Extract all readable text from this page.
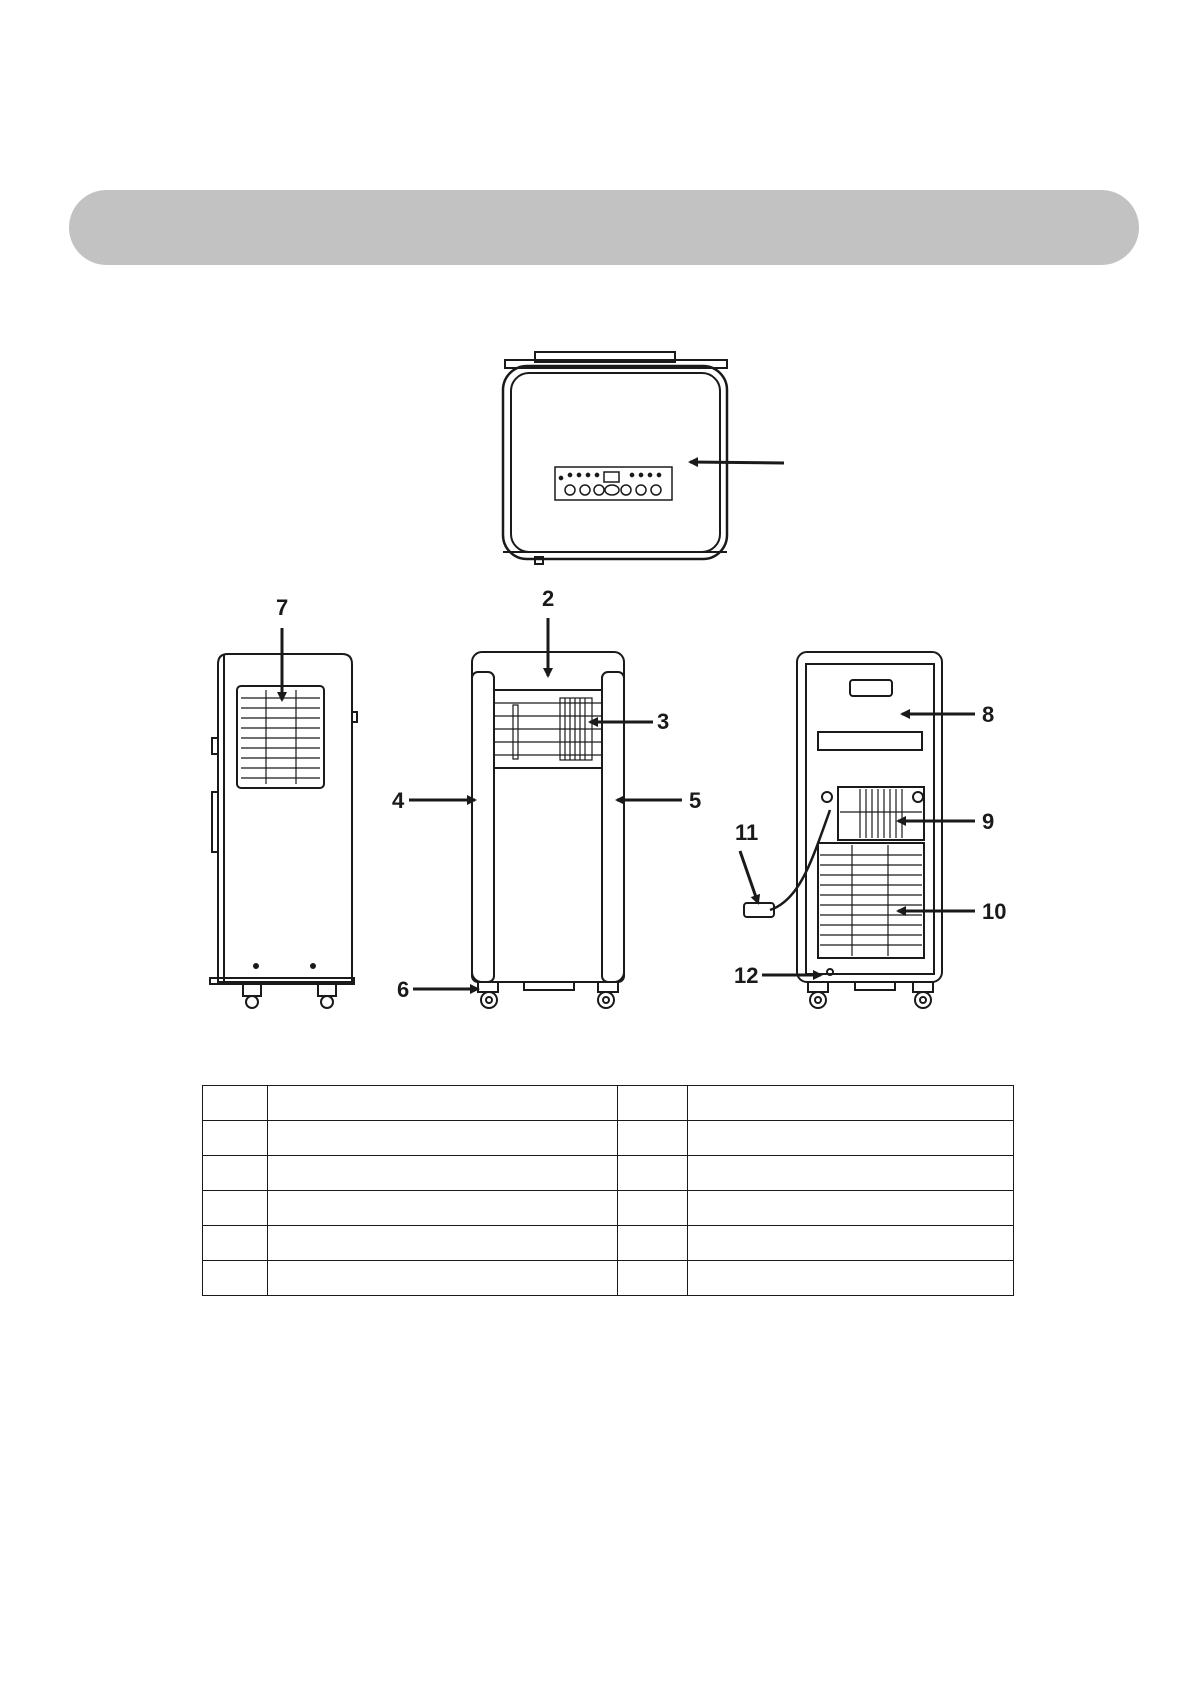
2
3
4	5
6
7
8
9
10
11
12
